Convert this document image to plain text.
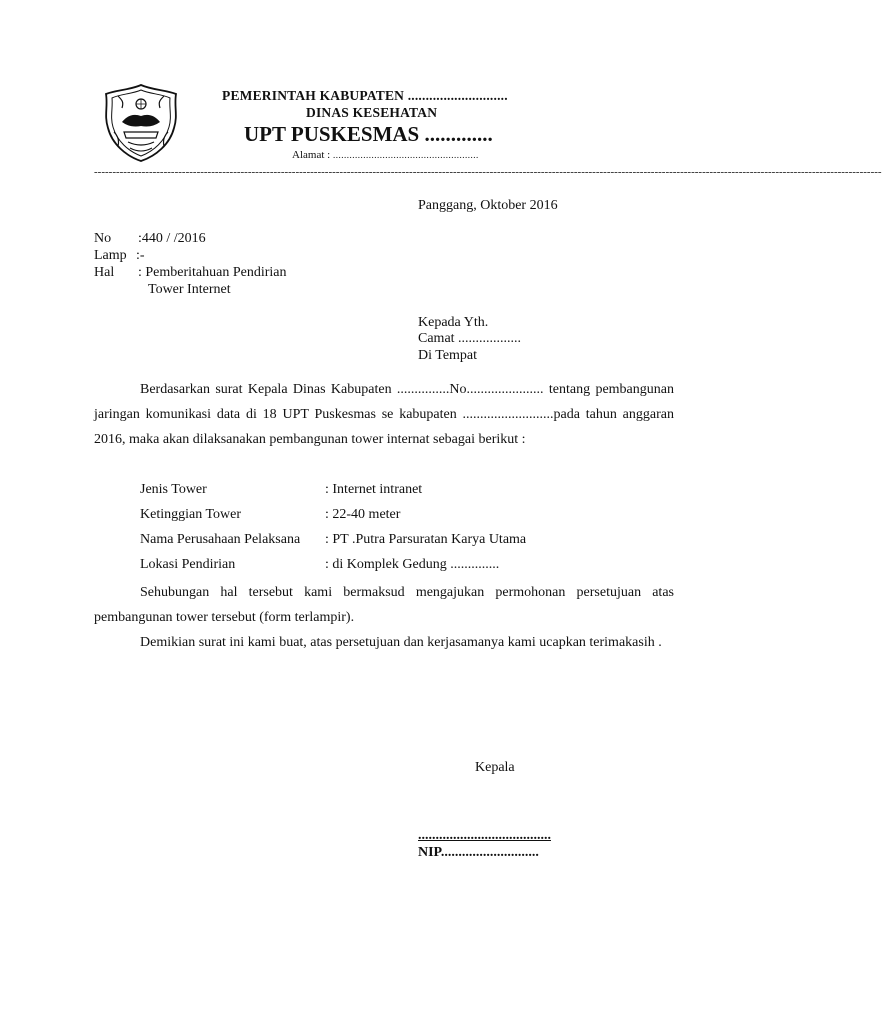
PEMERINTAH KABUPATEN ............................
DINAS KESEHATAN
UPT PUSKESMAS .............
Alamat : .....................................................
-----------------------------------------------------------------------------------------------------------------------------------------------------------------------------------------------------------------------
Panggang, Oktober 2016
No :440 / /2016
Lamp :-
Hal : Pemberitahuan Pendirian
Tower Internet
Kepada Yth.
Camat ..................
Di Tempat

Berdasarkan surat Kepala Dinas Kabupaten ...............No...................... tentang pembangunan jaringan komunikasi data di 18 UPT Puskesmas se kabupaten ..........................pada tahun anggaran 2016, maka akan dilaksanakan pembangunan tower internat sebagai berikut :

Jenis Tower	: Internet intranet
Ketinggian Tower	: 22-40 meter
Nama Perusahaan Pelaksana : PT .Putra Parsuratan Karya Utama
Lokasi Pendirian	: di Komplek Gedung ..............

Sehubungan hal tersebut kami bermaksud mengajukan permohonan persetujuan atas pembangunan tower tersebut (form terlampir).

Demikian surat ini kami buat, atas persetujuan dan kerjasamanya kami ucapkan terimakasih .

Kepala
......................................
NIP............................
